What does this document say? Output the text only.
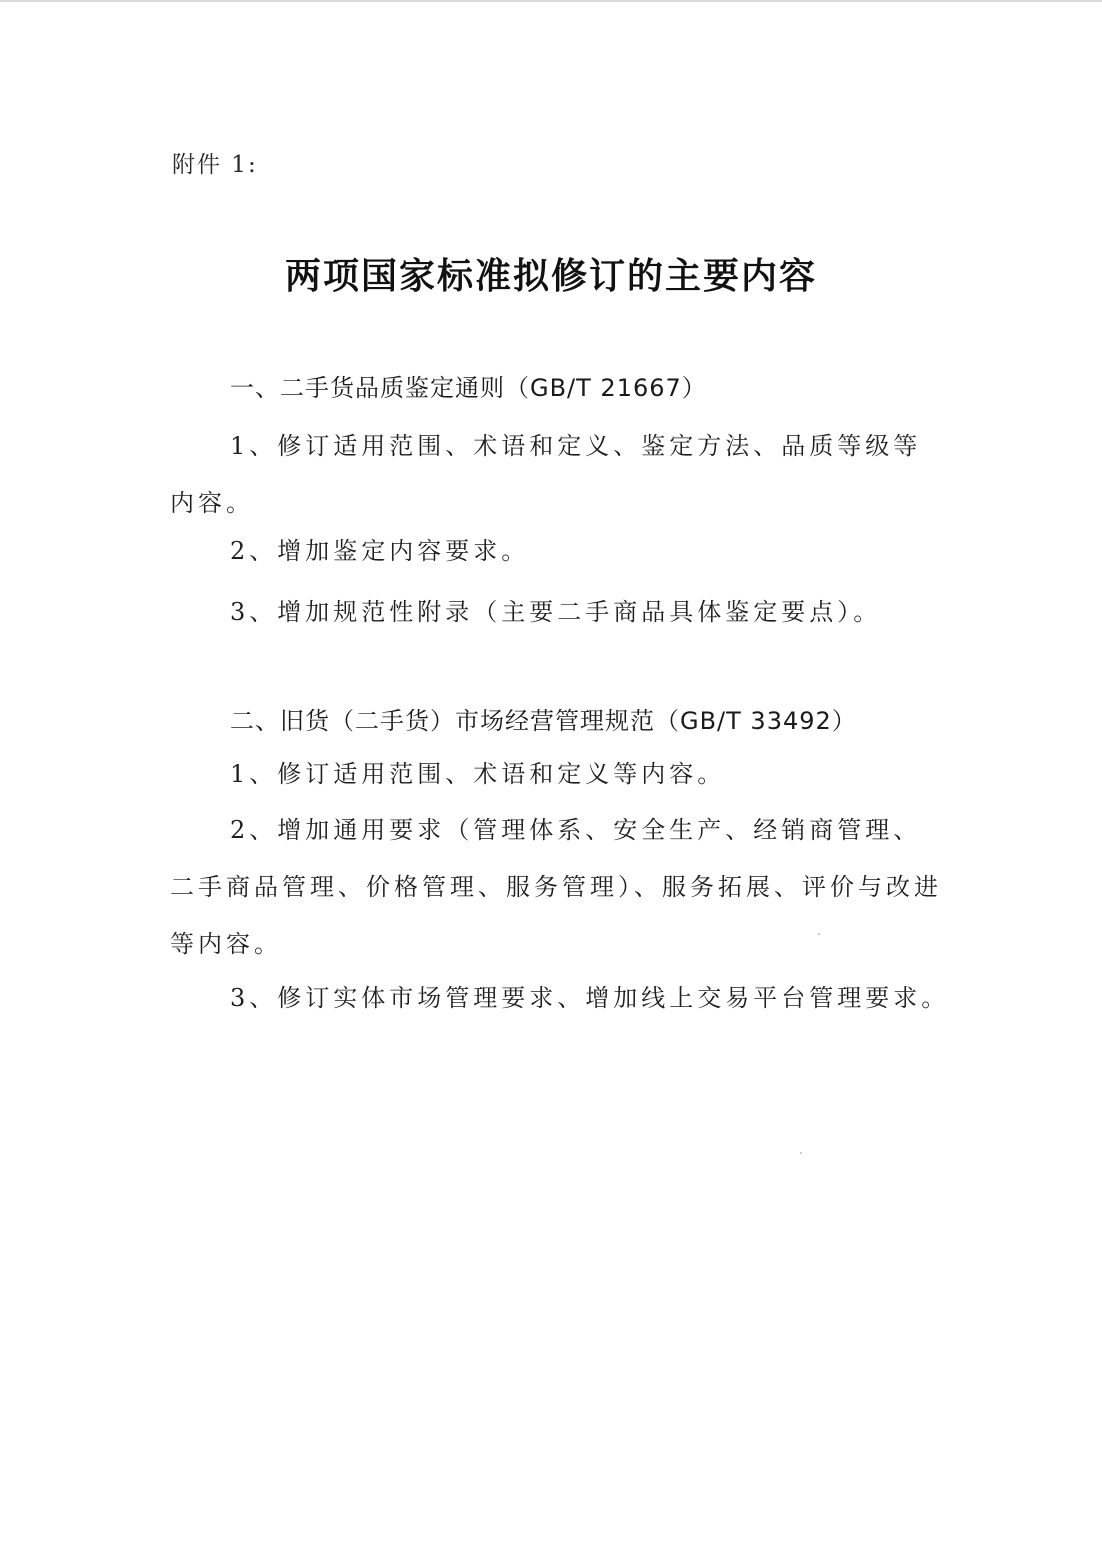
附件 1:
两项国家标准拟修订的主要内容
一、二手货品质鉴定通则（GB/T 21667）

1、修订适用范围、术语和定义、鉴定方法、品质等级等内容。

2、增加鉴定内容要求。

3、增加规范性附录（主要二手商品具体鉴定要点）。

二、旧货（二手货）市场经营管理规范（GB/T 33492）

1、修订适用范围、术语和定义等内容。

2、增加通用要求（管理体系、安全生产、经销商管理、二手商品管理、价格管理、服务管理）、服务拓展、评价与改进等内容。

3、修订实体市场管理要求、增加线上交易平台管理要求。
